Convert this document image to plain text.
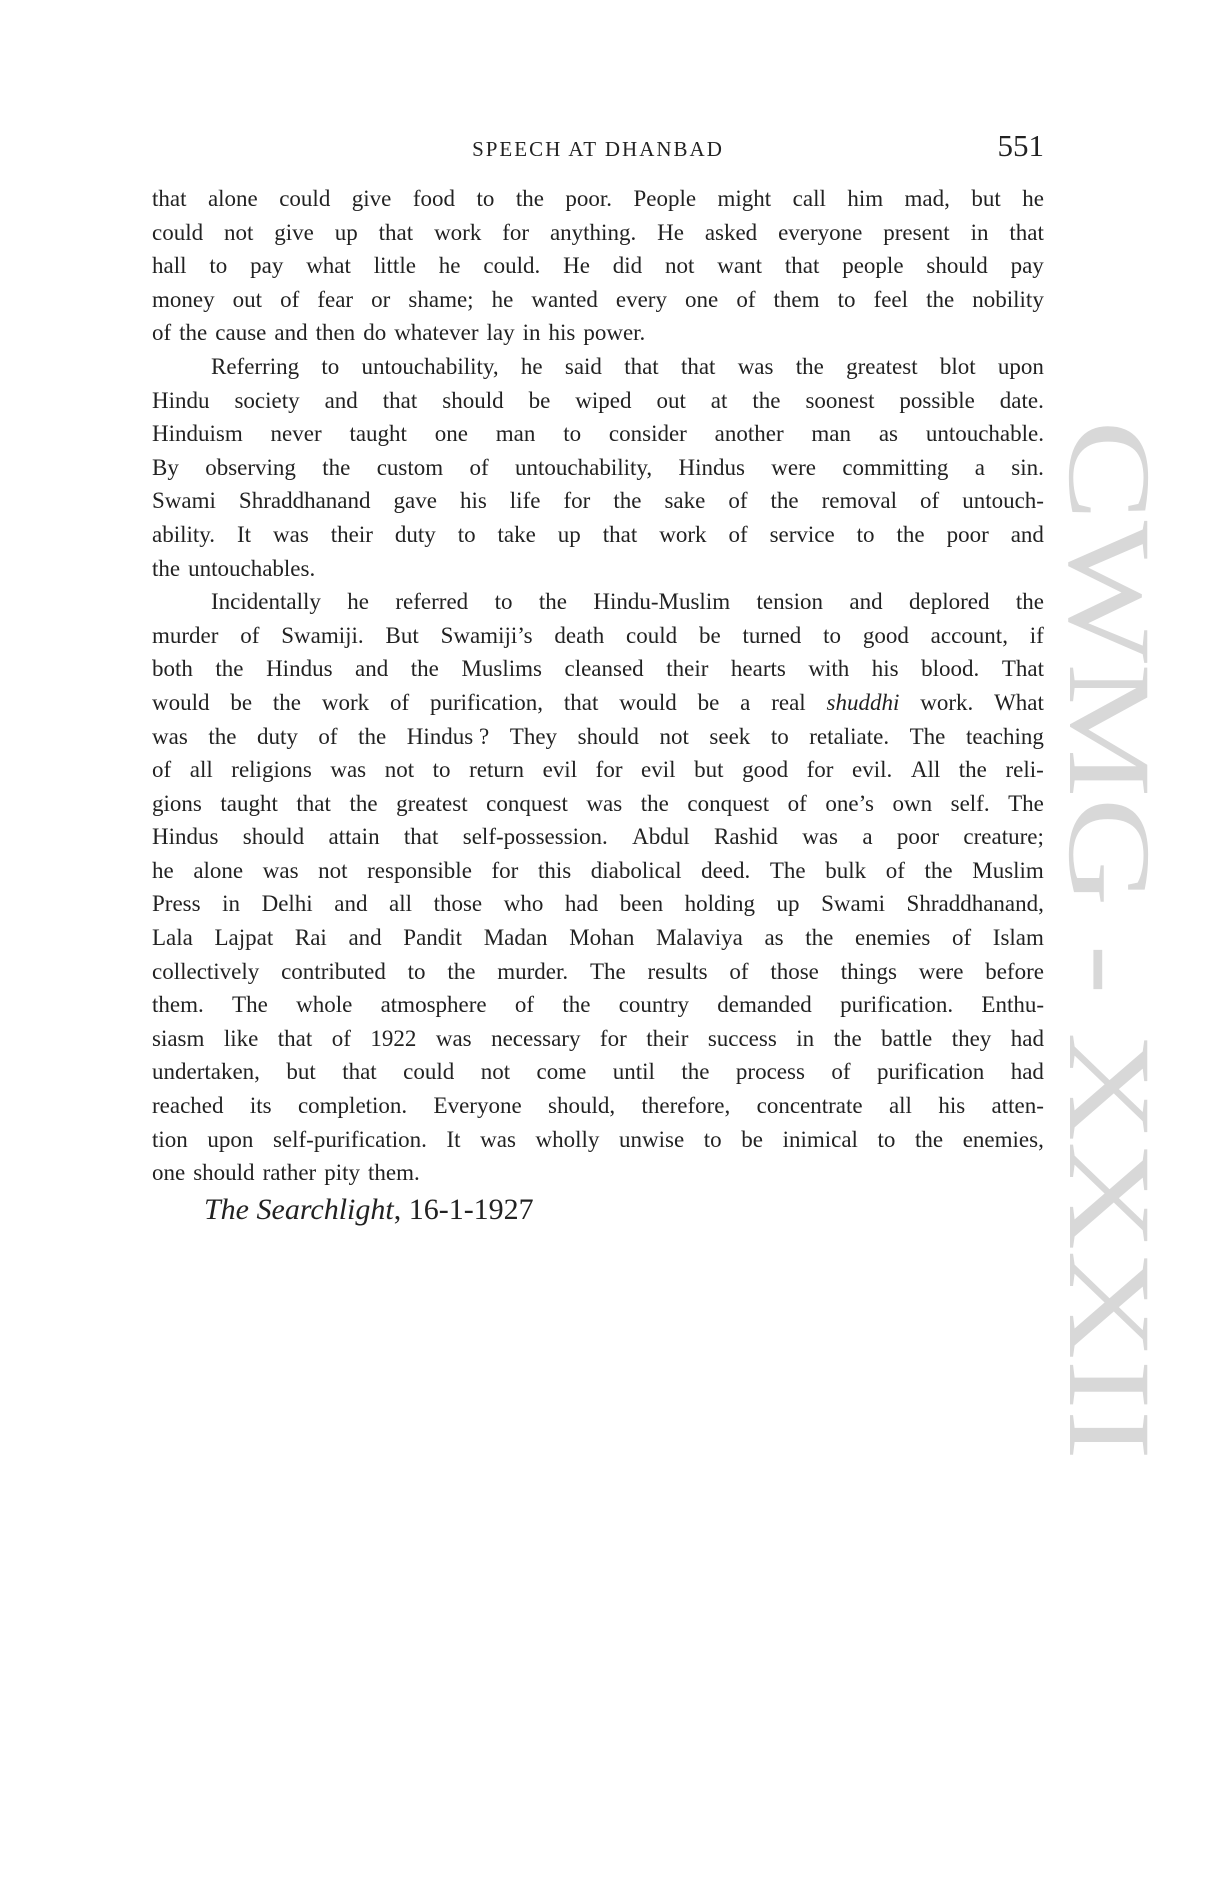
SPEECH AT DHANBAD	551
that alone could give food to the poor. People might call him mad, but he
could not give up that work for anything. He asked everyone present in that
hall to pay what little he could. He did not want that people should pay
money out of fear or shame; he wanted every one of them to feel the nobility
of the cause and then do whatever lay in his power.
Referring to untouchability, he said that that was the greatest blot upon
Hindu society and that should be wiped out at the soonest possible date.
Hinduism never taught one man to consider another man as untouchable.
By observing the custom of untouchability, Hindus were committing a sin.
Swami Shraddhanand gave his life for the sake of the removal of untouch-
ability. It was their duty to take up that work of service to the poor and
the untouchables.
Incidentally he referred to the Hindu-Muslim tension and deplored the
murder of Swamiji. But Swamiji’s death could be turned to good account, if
both the Hindus and the Muslims cleansed their hearts with his blood. That
would be the work of purification, that would be a real shuddhi work. What
was the duty of the Hindus ? They should not seek to retaliate. The teaching
of all religions was not to return evil for evil but good for evil. All the reli-
gions taught that the greatest conquest was the conquest of one’s own self. The
Hindus should attain that self-possession. Abdul Rashid was a poor creature;
he alone was not responsible for this diabolical deed. The bulk of the Muslim
Press in Delhi and all those who had been holding up Swami Shraddhanand,
Lala Lajpat Rai and Pandit Madan Mohan Malaviya as the enemies of Islam
collectively contributed to the murder. The results of those things were before
them. The whole atmosphere of the country demanded purification. Enthu-
siasm like that of 1922 was necessary for their success in the battle they had
undertaken, but that could not come until the process of purification had
reached its completion. Everyone should, therefore, concentrate all his atten-
tion upon self-purification. It was wholly unwise to be inimical to the enemies,
one should rather pity them.
The Searchlight, 16-1-1927	CWMG - XXXII
